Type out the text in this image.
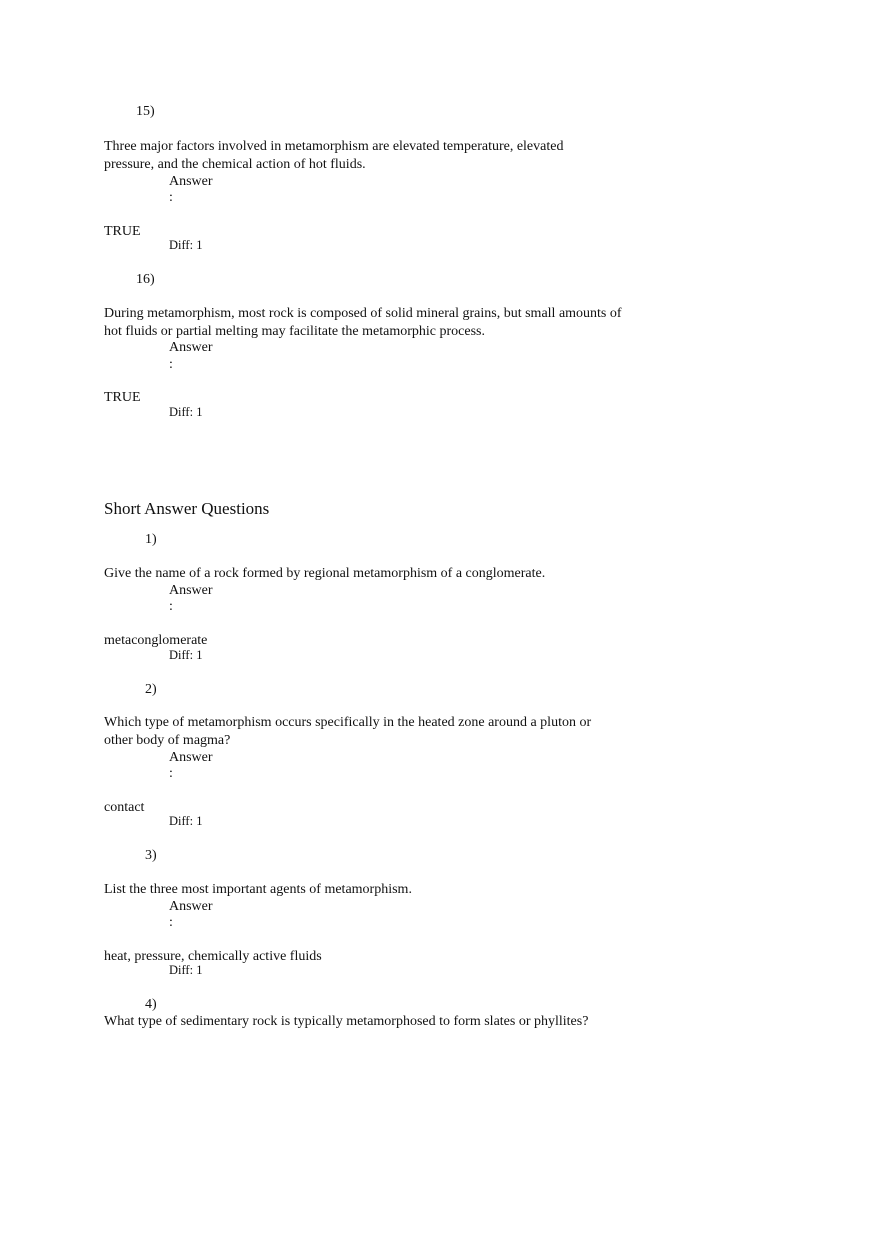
15)
Three major factors involved in metamorphism are elevated temperature, elevated
pressure, and the chemical action of hot fluids.
Answer
:
TRUE
Diff: 1
16)
During metamorphism, most rock is composed of solid mineral grains, but small amounts of
hot fluids or partial melting may facilitate the metamorphic process.
Answer
:
TRUE
Diff: 1
Short Answer Questions
1)
Give the name of a rock formed by regional metamorphism of a conglomerate.
Answer
:
metaconglomerate
Diff: 1
2)
Which type of metamorphism occurs specifically in the heated zone around a pluton or
other body of magma?
Answer
:
contact
Diff: 1
3)
List the three most important agents of metamorphism.
Answer
:
heat, pressure, chemically active fluids
Diff: 1
4)
What type of sedimentary rock is typically metamorphosed to form slates or phyllites?
